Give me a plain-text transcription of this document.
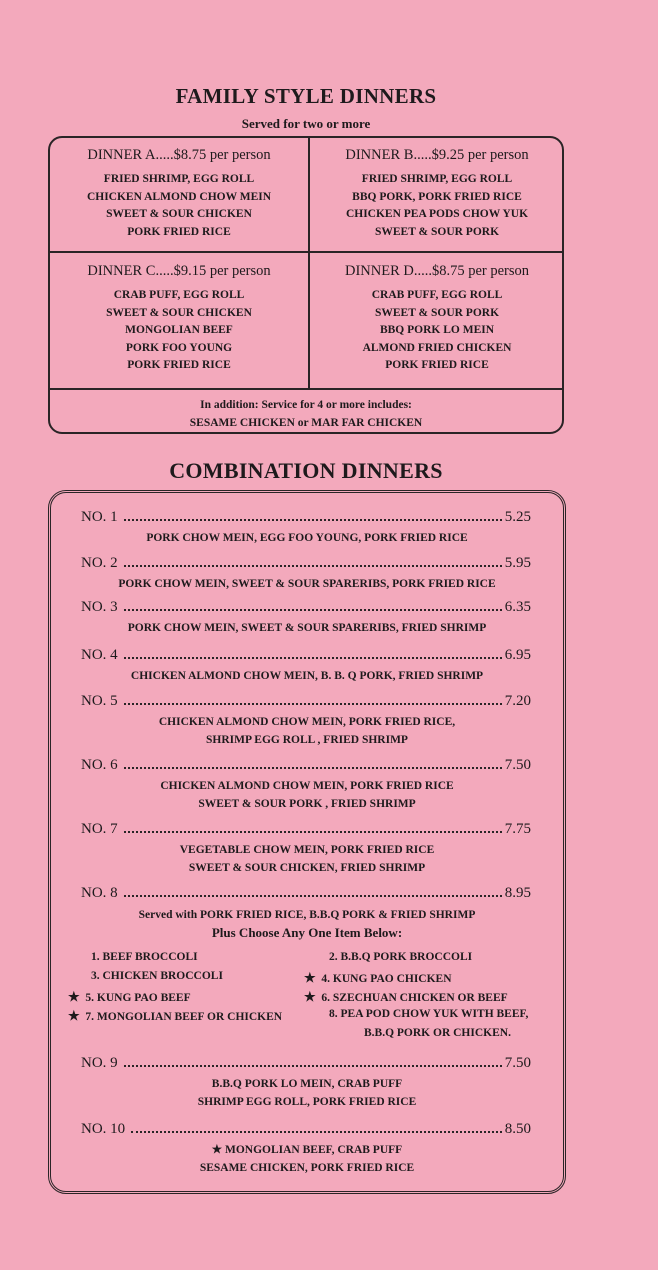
FAMILY STYLE DINNERS
Served for two or more
DINNER A.....$8.75 per person
FRIED SHRIMP, EGG ROLL
CHICKEN ALMOND CHOW MEIN
SWEET & SOUR CHICKEN
PORK FRIED RICE
DINNER B.....$9.25 per person
FRIED SHRIMP, EGG ROLL
BBQ PORK, PORK FRIED RICE
CHICKEN PEA PODS CHOW YUK
SWEET & SOUR PORK
DINNER C.....$9.15 per person
CRAB PUFF, EGG ROLL
SWEET & SOUR CHICKEN
MONGOLIAN BEEF
PORK FOO YOUNG
PORK FRIED RICE
DINNER D.....$8.75 per person
CRAB PUFF, EGG ROLL
SWEET & SOUR PORK
BBQ PORK LO MEIN
ALMOND FRIED CHICKEN
PORK FRIED RICE
In addition: Service for 4 or more includes:
SESAME CHICKEN or MAR FAR CHICKEN
COMBINATION DINNERS
NO. 1	5.25
PORK CHOW MEIN, EGG FOO YOUNG, PORK FRIED RICE
NO. 2	5.95
PORK CHOW MEIN, SWEET & SOUR SPARERIBS, PORK FRIED RICE
NO. 3	6.35
PORK CHOW MEIN, SWEET & SOUR SPARERIBS, FRIED SHRIMP
NO. 4	6.95
CHICKEN ALMOND CHOW MEIN, B. B. Q PORK, FRIED SHRIMP
NO. 5	7.20
CHICKEN ALMOND CHOW MEIN, PORK FRIED RICE,
SHRIMP EGG ROLL , FRIED SHRIMP
NO. 6	7.50
CHICKEN ALMOND CHOW MEIN, PORK FRIED RICE
SWEET & SOUR PORK , FRIED SHRIMP
NO. 7	7.75
VEGETABLE CHOW MEIN, PORK FRIED RICE
SWEET & SOUR CHICKEN, FRIED SHRIMP
NO. 8	8.95
Served with PORK FRIED RICE, B.B.Q PORK & FRIED SHRIMP
Plus Choose Any One Item Below:
1. BEEF BROCCOLI	2. B.B.Q PORK BROCCOLI
3. CHICKEN BROCCOLI	★ 4. KUNG PAO CHICKEN
★ 5. KUNG PAO BEEF	★ 6. SZECHUAN CHICKEN OR BEEF
★ 7. MONGOLIAN BEEF OR CHICKEN	8. PEA POD CHOW YUK WITH BEEF,
B.B.Q PORK OR CHICKEN.
NO. 9	7.50
B.B.Q PORK LO MEIN, CRAB PUFF
SHRIMP EGG ROLL, PORK FRIED RICE
NO. 10	8.50
★ MONGOLIAN BEEF, CRAB PUFF
SESAME CHICKEN, PORK FRIED RICE
